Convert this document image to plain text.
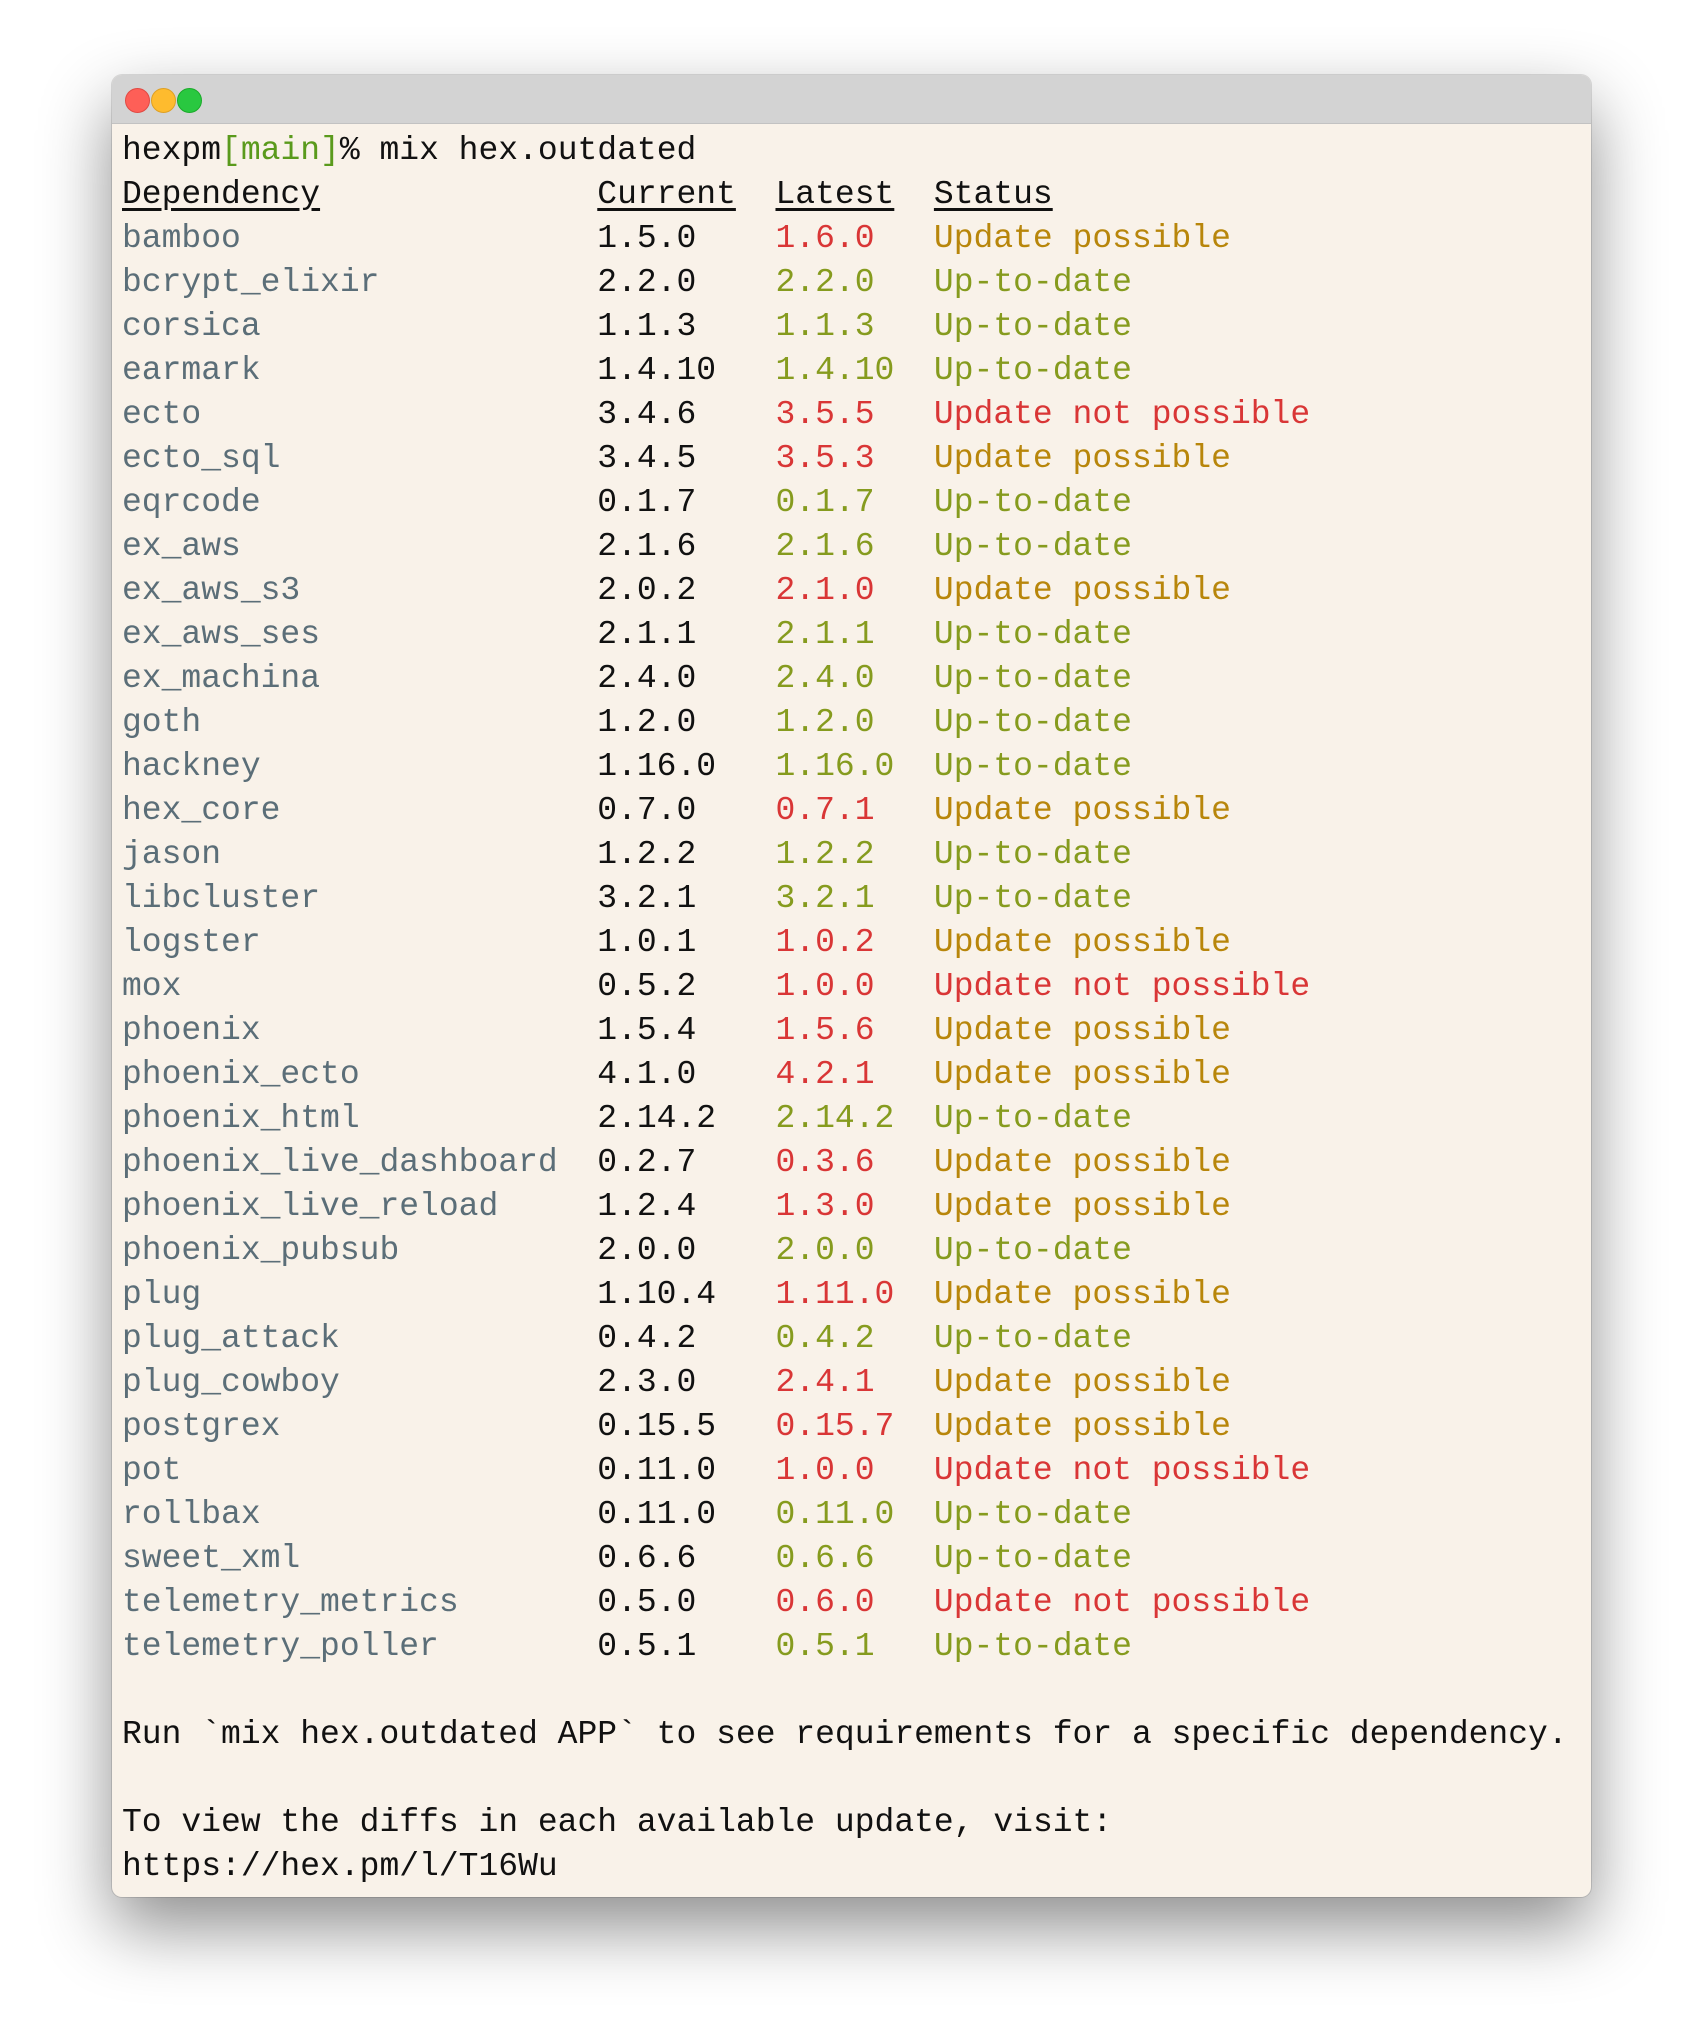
hexpm [main] % mix hex.outdated
Dependency	Current	Latest	Status
bamboo	1.5.0	1.6.0	Update possible
bcrypt_elixir	2.2.0	2.2.0	Up-to-date
corsica	1.1.3	1.1.3	Up-to-date
earmark	1.4.10	1.4.10	Up-to-date
ecto	3.4.6	3.5.5	Update not possible
ecto_sql	3.4.5	3.5.3	Update possible
eqrcode	0.1.7	0.1.7	Up-to-date
ex_aws	2.1.6	2.1.6	Up-to-date
ex_aws_s3	2.0.2	2.1.0	Update possible
ex_aws_ses	2.1.1	2.1.1	Up-to-date
ex_machina	2.4.0	2.4.0	Up-to-date
goth	1.2.0	1.2.0	Up-to-date
hackney	1.16.0	1.16.0	Up-to-date
hex_core	0.7.0	0.7.1	Update possible
jason	1.2.2	1.2.2	Up-to-date
libcluster	3.2.1	3.2.1	Up-to-date
logster	1.0.1	1.0.2	Update possible
mox	0.5.2	1.0.0	Update not possible
phoenix	1.5.4	1.5.6	Update possible
phoenix_ecto	4.1.0	4.2.1	Update possible
phoenix_html	2.14.2	2.14.2	Up-to-date
phoenix_live_dashboard	0.2.7	0.3.6	Update possible
phoenix_live_reload	1.2.4	1.3.0	Update possible
phoenix_pubsub	2.0.0	2.0.0	Up-to-date
plug	1.10.4	1.11.0	Update possible
plug_attack	0.4.2	0.4.2	Up-to-date
plug_cowboy	2.3.0	2.4.1	Update possible
postgrex	0.15.5	0.15.7	Update possible
pot	0.11.0	1.0.0	Update not possible
rollbax	0.11.0	0.11.0	Up-to-date
sweet_xml	0.6.6	0.6.6	Up-to-date
telemetry_metrics	0.5.0	0.6.0	Update not possible
telemetry_poller	0.5.1	0.5.1	Up-to-date
Run `mix hex.outdated APP` to see requirements for a specific dependency.
To view the diffs in each available update, visit:
https://hex.pm/l/T16Wu
